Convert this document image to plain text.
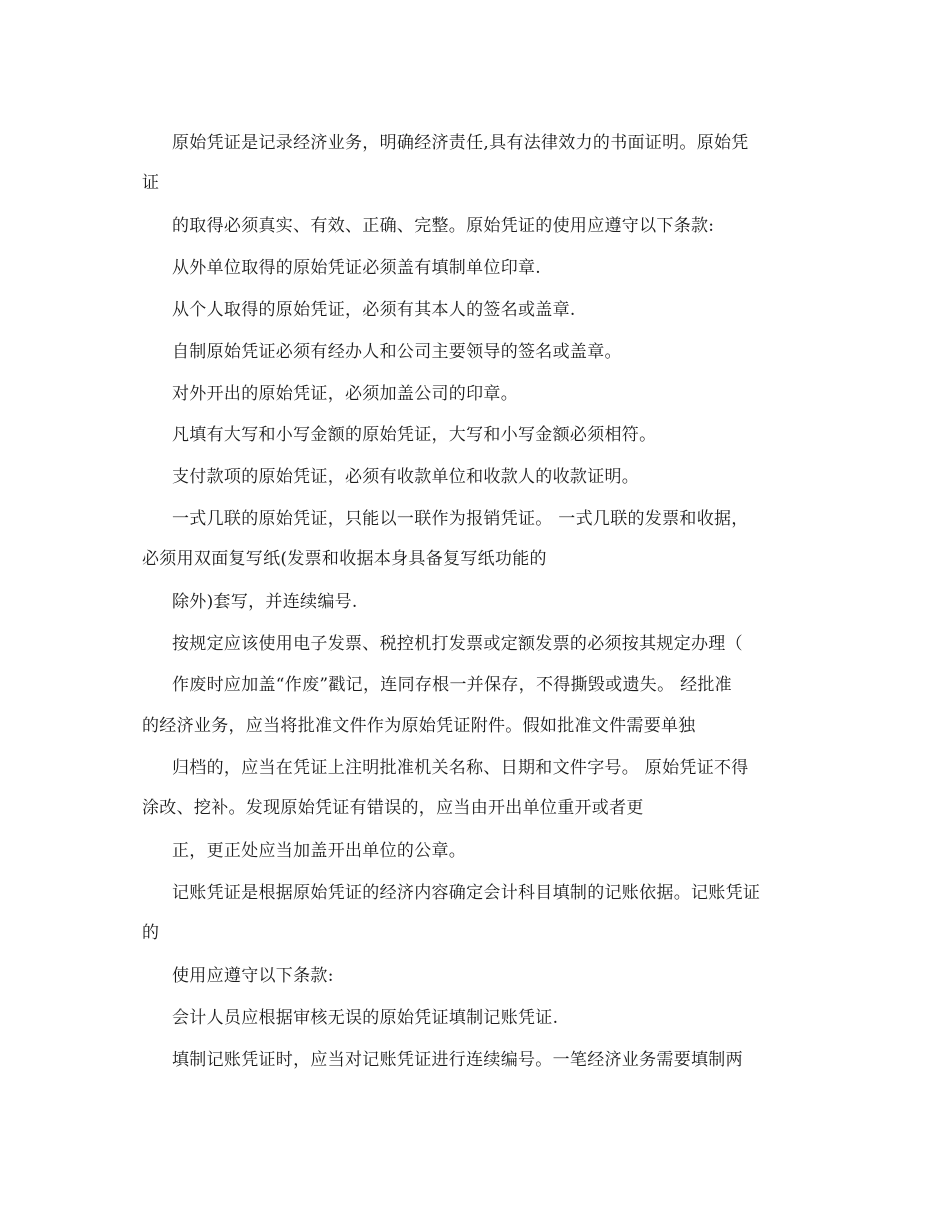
原始凭证是记录经济业务，明确经济责任,具有法律效力的书面证明。原始凭
证
的取得必须真实、有效、正确、完整。原始凭证的使用应遵守以下条款:
从外单位取得的原始凭证必须盖有填制单位印章.
从个人取得的原始凭证，必须有其本人的签名或盖章.
自制原始凭证必须有经办人和公司主要领导的签名或盖章。
对外开出的原始凭证，必须加盖公司的印章。
凡填有大写和小写金额的原始凭证，大写和小写金额必须相符。
支付款项的原始凭证，必须有收款单位和收款人的收款证明。
一式几联的原始凭证，只能以一联作为报销凭证。 一式几联的发票和收据，
必须用双面复写纸(发票和收据本身具备复写纸功能的
除外)套写，并连续编号.
按规定应该使用电子发票、税控机打发票或定额发票的必须按其规定办理（
作废时应加盖“作废”戳记，连同存根一并保存，不得撕毁或遗失。 经批准
的经济业务，应当将批准文件作为原始凭证附件。假如批准文件需要单独
归档的，应当在凭证上注明批准机关名称、日期和文件字号。 原始凭证不得
涂改、挖补。发现原始凭证有错误的，应当由开出单位重开或者更
正，更正处应当加盖开出单位的公章。
记账凭证是根据原始凭证的经济内容确定会计科目填制的记账依据。记账凭证
的
使用应遵守以下条款:
会计人员应根据审核无误的原始凭证填制记账凭证.
填制记账凭证时，应当对记账凭证进行连续编号。一笔经济业务需要填制两
